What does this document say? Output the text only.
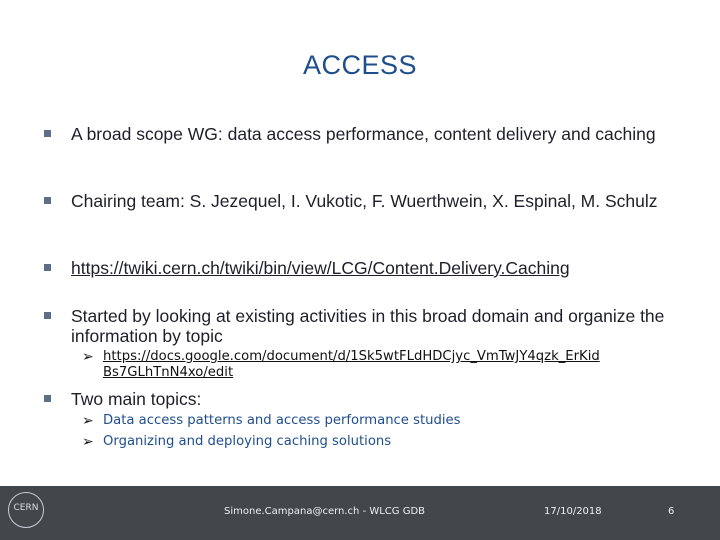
ACCESS
A broad scope WG: data access performance, content delivery and caching
Chairing team: S. Jezequel, I. Vukotic, F. Wuerthwein, X. Espinal, M. Schulz
https://twiki.cern.ch/twiki/bin/view/LCG/Content.Delivery.Caching
Started by looking at existing activities in this broad domain and organize the information by topic
➢ https://docs.google.com/document/d/1Sk5wtFLdHDCjyc_VmTwJY4qzk_ErKid Bs7GLhTnN4xo/edit
Two main topics:
➢ Data access patterns and access performance studies
➢ Organizing and deploying caching solutions
CERN	Simone.Campana@cern.ch - WLCG GDB	17/10/2018	6
